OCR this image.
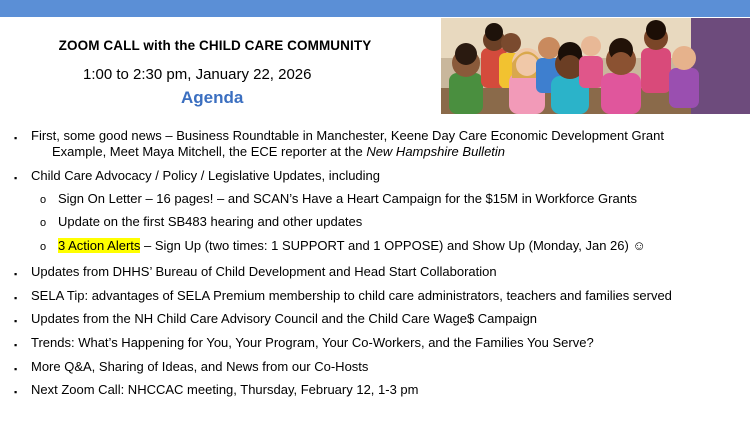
ZOOM CALL with the CHILD CARE COMMUNITY
1:00 to 2:30 pm, January 22, 2026
Agenda
▪ First, some good news – Business Roundtable in Manchester, Keene Day Care Economic Development Grant
Example, Meet Maya Mitchell, the ECE reporter at the New Hampshire Bulletin
▪ Child Care Advocacy / Policy / Legislative Updates, including
o Sign On Letter – 16 pages! – and SCAN’s Have a Heart Campaign for the $15M in Workforce Grants
o Update on the first SB483 hearing and other updates
o 3 Action Alerts – Sign Up (two times: 1 SUPPORT and 1 OPPOSE) and Show Up (Monday, Jan 26) ☺
▪ Updates from DHHS’ Bureau of Child Development and Head Start Collaboration
▪ SELA Tip: advantages of SELA Premium membership to child care administrators, teachers and families served
▪ Updates from the NH Child Care Advisory Council and the Child Care Wage$ Campaign
▪ Trends: What’s Happening for You, Your Program, Your Co-Workers, and the Families You Serve?
▪ More Q&A, Sharing of Ideas, and News from our Co-Hosts
▪ Next Zoom Call: NHCCAC meeting, Thursday, February 12, 1-3 pm
